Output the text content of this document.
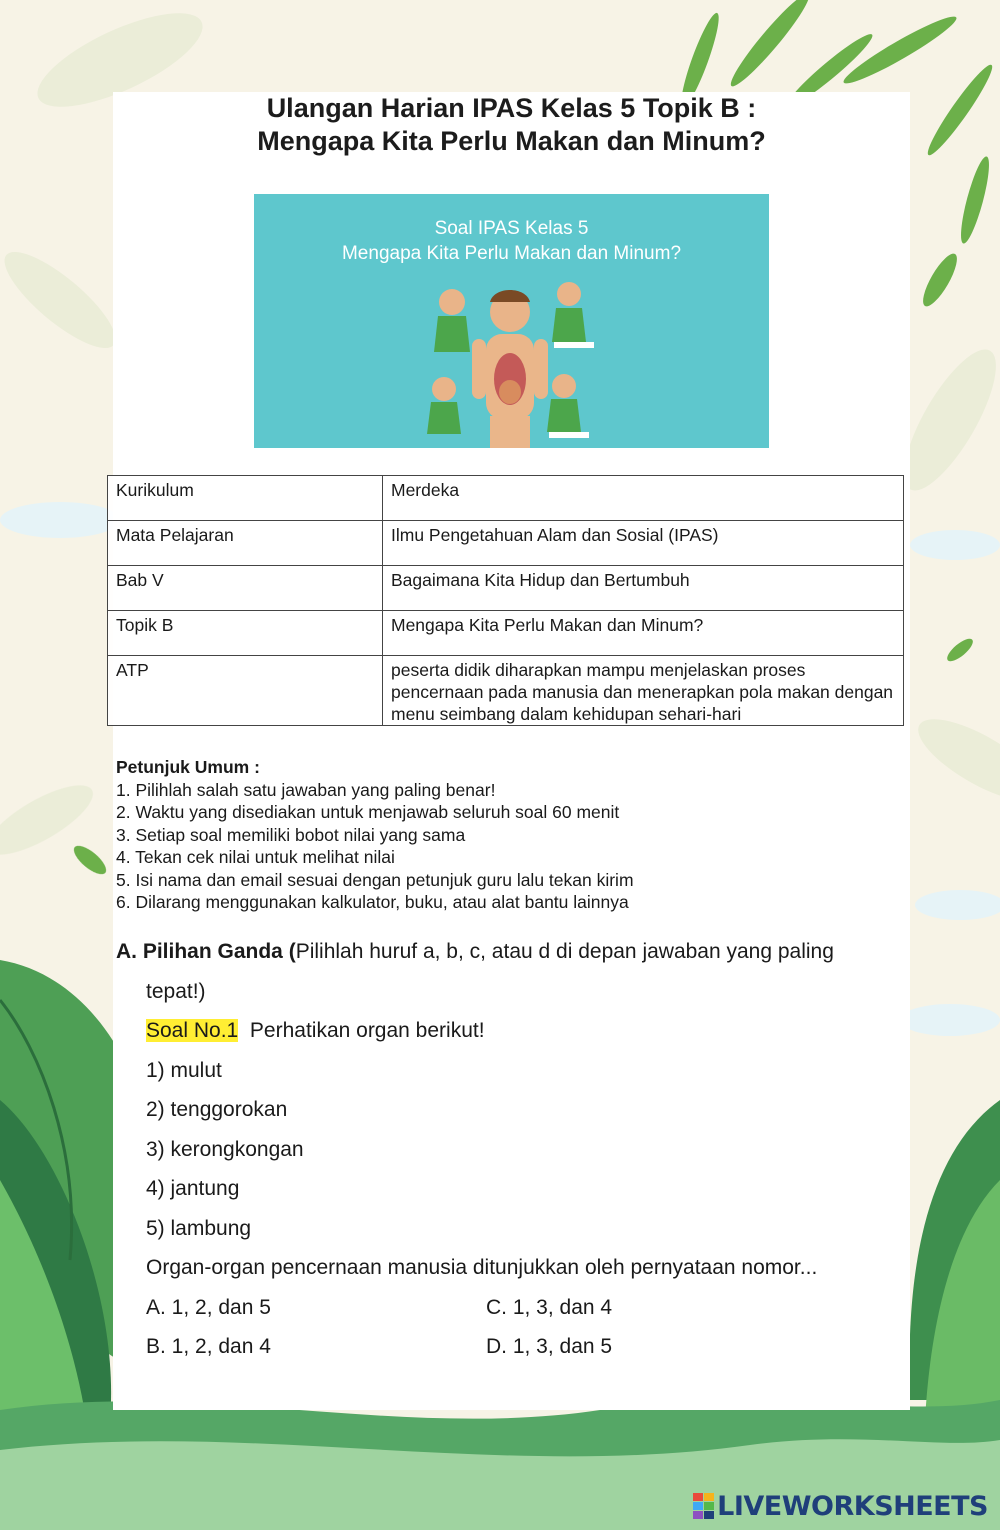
Ulangan Harian IPAS Kelas 5 Topik B :
Mengapa Kita Perlu Makan dan Minum?
Soal IPAS Kelas 5
Mengapa Kita Perlu Makan dan Minum?
Kurikulum	Merdeka
Mata Pelajaran	Ilmu Pengetahuan Alam dan Sosial (IPAS)
Bab V	Bagaimana Kita Hidup dan Bertumbuh
Topik B	Mengapa Kita Perlu Makan dan Minum?
ATP	peserta didik diharapkan mampu menjelaskan proses pencernaan pada manusia dan menerapkan pola makan dengan menu seimbang dalam kehidupan sehari-hari
Petunjuk Umum :
1. Pilihlah salah satu jawaban yang paling benar!
2. Waktu yang disediakan untuk menjawab seluruh soal 60 menit
3. Setiap soal memiliki bobot nilai yang sama
4. Tekan cek nilai untuk melihat nilai
5. Isi nama dan email sesuai dengan petunjuk guru lalu tekan kirim
6. Dilarang menggunakan kalkulator, buku, atau alat bantu lainnya
A. Pilihan Ganda (Pilihlah huruf a, b, c, atau d di depan jawaban yang paling
tepat!)
Soal No.1 Perhatikan organ berikut!
1) mulut
2) tenggorokan
3) kerongkongan
4) jantung
5) lambung
Organ-organ pencernaan manusia ditunjukkan oleh pernyataan nomor...
A. 1, 2, dan 5	C. 1, 3, dan 4
B. 1, 2, dan 4	D. 1, 3, dan 5
LIVEWORKSHEETS
